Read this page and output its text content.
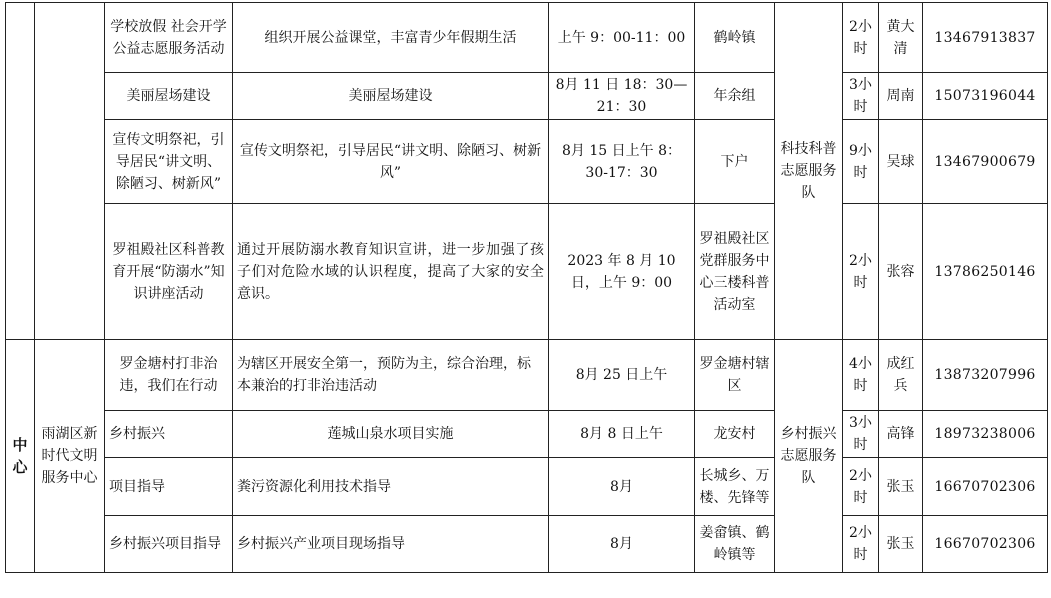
		学校放假 社会开学公益志愿服务活动	组织开展公益课堂，丰富青少年假期生活	上午 9：00-11：00	鹤岭镇	科技科普志愿服务队	2小时	黄大清	13467913837
		美丽屋场建设	美丽屋场建设	8月 11 日 18：30—21：30	年余组		3小时	周南	15073196044
		宣传文明祭祀，引导居民“讲文明、除陋习、树新风”	宣传文明祭祀，引导居民“讲文明、除陋习、树新风”	8月 15 日上午 8：30-17：30	下户		9小时	吴球	13467900679
		罗祖殿社区科普教育开展“防溺水”知识讲座活动	通过开展防溺水教育知识宣讲，进一步加强了孩子们对危险水域的认识程度，提高了大家的安全意识。	2023 年 8 月 10 日，上午 9：00	罗祖殿社区党群服务中心三楼科普活动室		2小时	张容	13786250146
中心	雨湖区新时代文明服务中心	罗金塘村打非治违，我们在行动	为辖区开展安全第一，预防为主，综合治理，标本兼治的打非治违活动	8月 25 日上午	罗金塘村辖区	乡村振兴志愿服务队	4小时	成红兵	13873207996
		乡村振兴	莲城山泉水项目实施	8月 8 日上午	龙安村		3小时	高锋	18973238006
		项目指导	粪污资源化利用技术指导	8月	长城乡、万楼、先锋等		2小时	张玉	16670702306
		乡村振兴项目指导	乡村振兴产业项目现场指导	8月	姜畲镇、鹤岭镇等		2小时	张玉	16670702306
